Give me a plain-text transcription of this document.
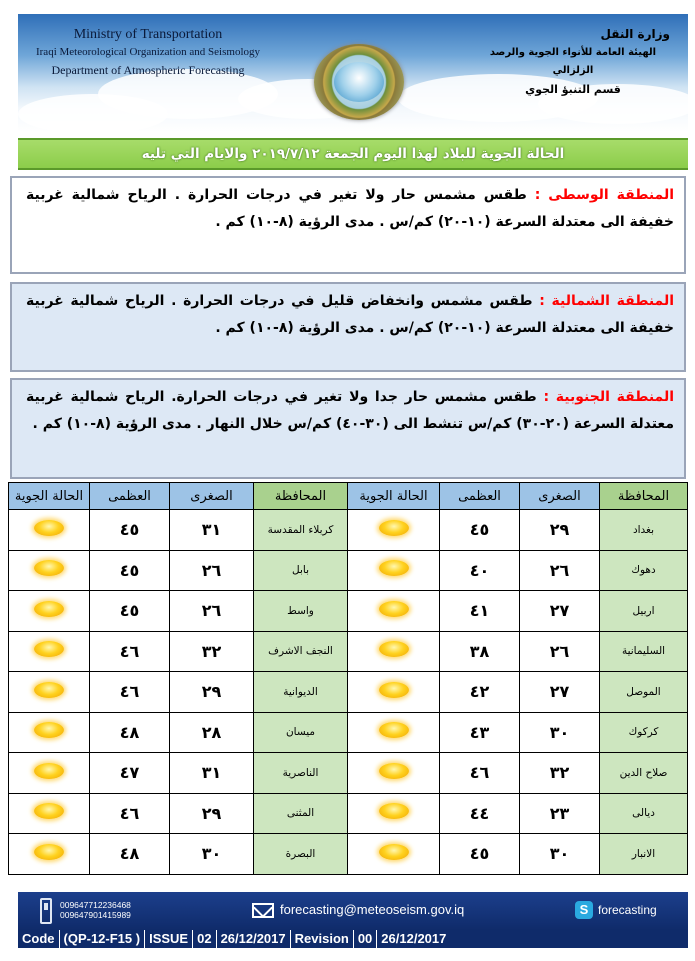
Ministry of Transportation
Iraqi Meteorological Organization and Seismology
Department of Atmospheric Forecasting
وزارة النقل
الهيئة العامة للأنواء الجوية والرصد الزلزالي
قسم التنبؤ الجوي
الحالة الجوية للبلاد لهذا اليوم الجمعة ٢٠١٩/٧/١٢ والايام التي تليه
المنطقة الوسطى : طقس مشمس حار ولا تغير في درجات الحرارة . الرياح شمالية غربية خفيفة الى معتدلة السرعة (١٠-٢٠) كم/س . مدى الرؤية (٨-١٠) كم .
المنطقة الشمالية : طقس مشمس وانخفاض قليل في درجات الحرارة . الرياح شمالية غربية خفيفة الى معتدلة السرعة (١٠-٢٠) كم/س . مدى الرؤية (٨-١٠) كم .
المنطقة الجنوبية : طقس مشمس حار جدا ولا تغير في درجات الحرارة. الرياح شمالية غربية معتدلة السرعة (٢٠-٣٠) كم/س تنشط الى (٣٠-٤٠) كم/س خلال النهار . مدى الرؤية (٨-١٠) كم .
المحافظة	الصغرى	العظمى	الحالة الجوية	المحافظة	الصغرى	العظمى	الحالة الجوية
بغداد	٢٩	٤٥		كربلاء المقدسة	٣١	٤٥	
دهوك	٢٦	٤٠		بابل	٢٦	٤٥	
اربيل	٢٧	٤١		واسط	٢٦	٤٥	
السليمانية	٢٦	٣٨		النجف الاشرف	٣٢	٤٦	
الموصل	٢٧	٤٢		الديوانية	٢٩	٤٦	
كركوك	٣٠	٤٣		ميسان	٢٨	٤٨	
صلاح الدين	٣٢	٤٦		الناصرية	٣١	٤٧	
ديالى	٢٣	٤٤		المثنى	٢٩	٤٦	
الانبار	٣٠	٤٥		البصرة	٣٠	٤٨	
009647712236468
009647901415989	forecasting@meteoseism.gov.iq	S forecasting
Code (QP-12-F15 ) ISSUE 02 26/12/2017 Revision 00 26/12/2017
